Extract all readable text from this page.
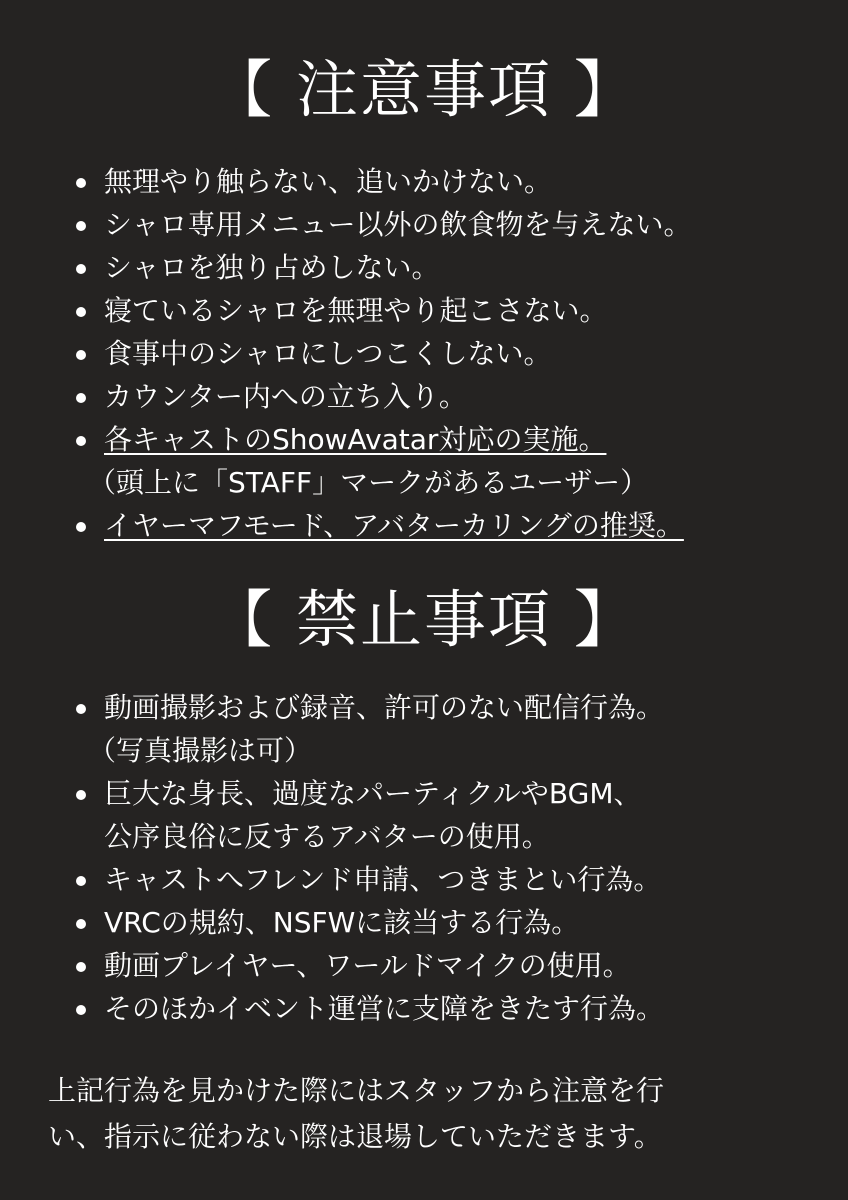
【 注意事項 】
無理やり触らない、追いかけない。
シャロ専用メニュー以外の飲食物を与えない。
シャロを独り占めしない。
寝ているシャロを無理やり起こさない。
食事中のシャロにしつこくしない。
カウンター内への立ち入り。
各キャストのShowAvatar対応の実施。
（頭上に「STAFF」マークがあるユーザー）
イヤーマフモード、アバターカリングの推奨。
【 禁止事項 】
動画撮影および録音、許可のない配信行為。
（写真撮影は可）
巨大な身長、過度なパーティクルやBGM、
公序良俗に反するアバターの使用。
キャストへフレンド申請、つきまとい行為。
VRCの規約、NSFWに該当する行為。
動画プレイヤー、ワールドマイクの使用。
そのほかイベント運営に支障をきたす行為。

上記行為を見かけた際にはスタッフから注意を行
い、指示に従わない際は退場していただきます。
